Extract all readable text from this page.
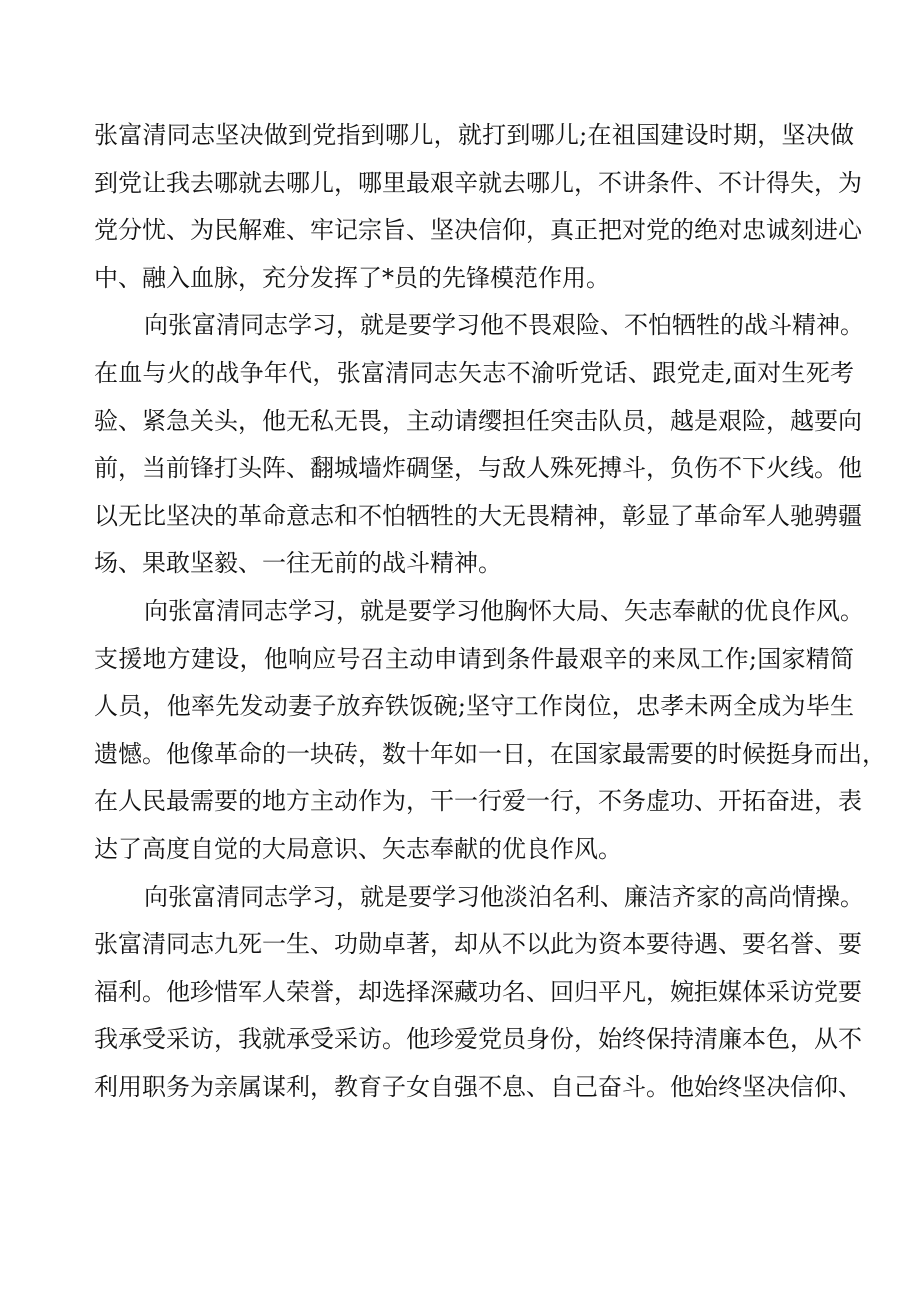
张富清同志坚决做到党指到哪儿，就打到哪儿;在祖国建设时期，坚决做
到党让我去哪就去哪儿，哪里最艰辛就去哪儿，不讲条件、不计得失，为
党分忧、为民解难、牢记宗旨、坚决信仰，真正把对党的绝对忠诚刻进心
中、融入血脉，充分发挥了*员的先锋模范作用。
向张富清同志学习，就是要学习他不畏艰险、不怕牺牲的战斗精神。
在血与火的战争年代，张富清同志矢志不渝听党话、跟党走,面对生死考
验、紧急关头，他无私无畏，主动请缨担任突击队员，越是艰险，越要向
前，当前锋打头阵、翻城墙炸碉堡，与敌人殊死搏斗，负伤不下火线。他
以无比坚决的革命意志和不怕牺牲的大无畏精神，彰显了革命军人驰骋疆
场、果敢坚毅、一往无前的战斗精神。
向张富清同志学习，就是要学习他胸怀大局、矢志奉献的优良作风。
支援地方建设，他响应号召主动申请到条件最艰辛的来凤工作;国家精简
人员，他率先发动妻子放弃铁饭碗;坚守工作岗位，忠孝未两全成为毕生
遗憾。他像革命的一块砖，数十年如一日，在国家最需要的时候挺身而出，
在人民最需要的地方主动作为，干一行爱一行，不务虚功、开拓奋进，表
达了高度自觉的大局意识、矢志奉献的优良作风。
向张富清同志学习，就是要学习他淡泊名利、廉洁齐家的高尚情操。
张富清同志九死一生、功勋卓著，却从不以此为资本要待遇、要名誉、要
福利。他珍惜军人荣誉，却选择深藏功名、回归平凡，婉拒媒体采访党要
我承受采访，我就承受采访。他珍爱党员身份，始终保持清廉本色，从不
利用职务为亲属谋利，教育子女自强不息、自己奋斗。他始终坚决信仰、
